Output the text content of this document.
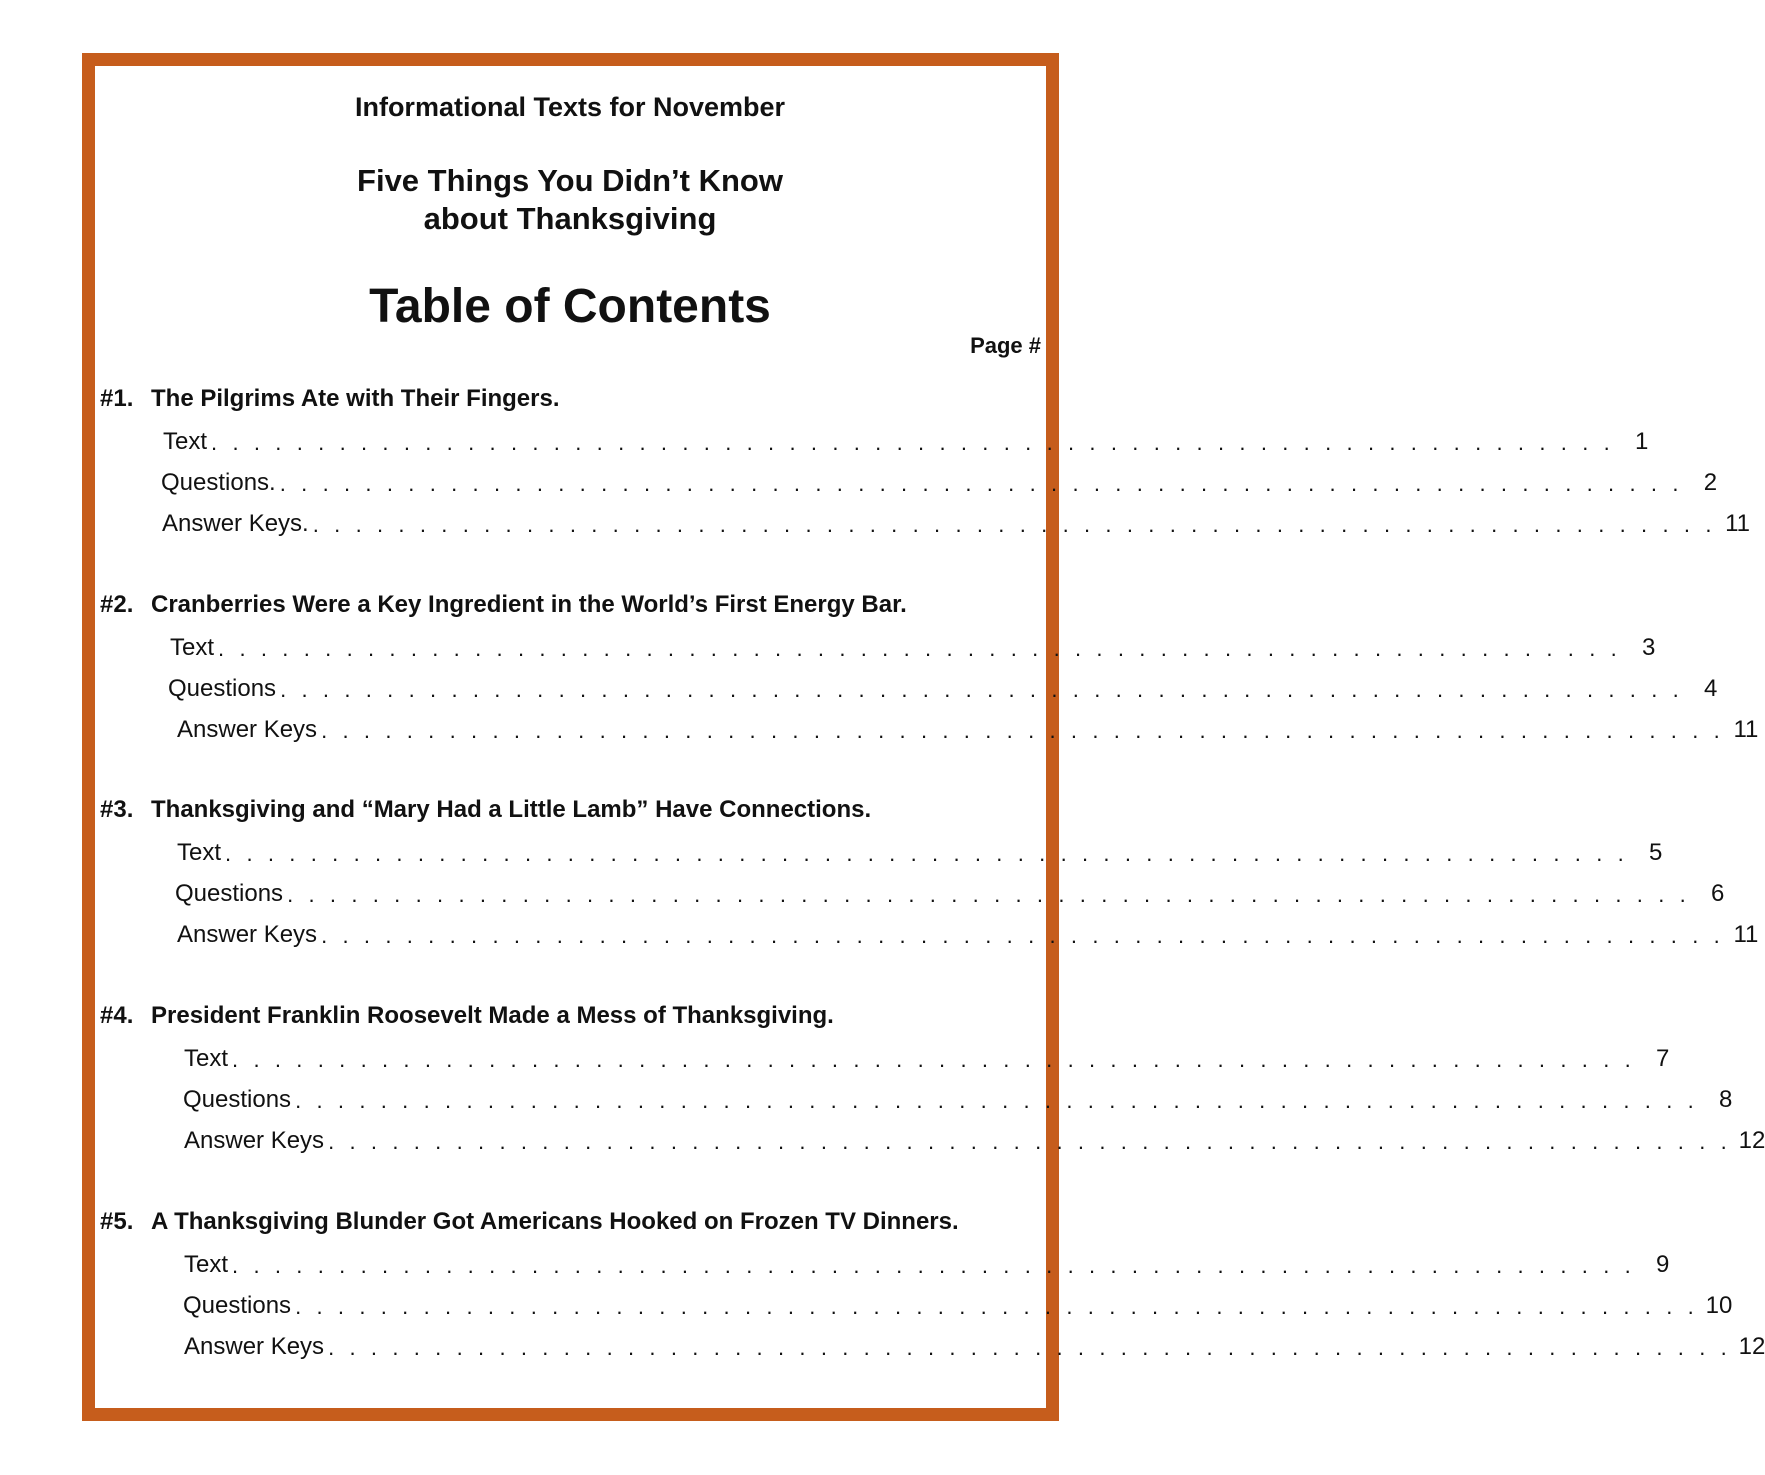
Informational Texts for November
Five Things You Didn’t Know
about Thanksgiving
Table of Contents
Page #
#1. The Pilgrims Ate with Their Fingers.
Text . . . . . . . . . . . . . . . . . . . . . . . . . . . . . . . . . . . . . . . . . . . . . . . . . . . . . . . . . . . . . . . . . . 1
Questions. . . . . . . . . . . . . . . . . . . . . . . . . . . . . . . . . . . . . . . . . . . . . . . . . . . . . . . . . . . . . . . . . . . 2
Answer Keys. . . . . . . . . . . . . . . . . . . . . . . . . . . . . . . . . . . . . . . . . . . . . . . . . . . . . . . . . . . . . . . . . . . 11
#2. Cranberries Were a Key Ingredient in the World’s First Energy Bar.
Text . . . . . . . . . . . . . . . . . . . . . . . . . . . . . . . . . . . . . . . . . . . . . . . . . . . . . . . . . . . . . . . . . . 3
Questions . . . . . . . . . . . . . . . . . . . . . . . . . . . . . . . . . . . . . . . . . . . . . . . . . . . . . . . . . . . . . . . . . . 4
Answer Keys . . . . . . . . . . . . . . . . . . . . . . . . . . . . . . . . . . . . . . . . . . . . . . . . . . . . . . . . . . . . . . . . . . 11
#3. Thanksgiving and “Mary Had a Little Lamb” Have Connections.
Text . . . . . . . . . . . . . . . . . . . . . . . . . . . . . . . . . . . . . . . . . . . . . . . . . . . . . . . . . . . . . . . . . . 5
Questions . . . . . . . . . . . . . . . . . . . . . . . . . . . . . . . . . . . . . . . . . . . . . . . . . . . . . . . . . . . . . . . . . . 6
Answer Keys . . . . . . . . . . . . . . . . . . . . . . . . . . . . . . . . . . . . . . . . . . . . . . . . . . . . . . . . . . . . . . . . . . 11
#4. President Franklin Roosevelt Made a Mess of Thanksgiving.
Text . . . . . . . . . . . . . . . . . . . . . . . . . . . . . . . . . . . . . . . . . . . . . . . . . . . . . . . . . . . . . . . . . . 7
Questions . . . . . . . . . . . . . . . . . . . . . . . . . . . . . . . . . . . . . . . . . . . . . . . . . . . . . . . . . . . . . . . . . . 8
Answer Keys . . . . . . . . . . . . . . . . . . . . . . . . . . . . . . . . . . . . . . . . . . . . . . . . . . . . . . . . . . . . . . . . . . 12
#5. A Thanksgiving Blunder Got Americans Hooked on Frozen TV Dinners.
Text . . . . . . . . . . . . . . . . . . . . . . . . . . . . . . . . . . . . . . . . . . . . . . . . . . . . . . . . . . . . . . . . . . 9
Questions . . . . . . . . . . . . . . . . . . . . . . . . . . . . . . . . . . . . . . . . . . . . . . . . . . . . . . . . . . . . . . . . . . 10
Answer Keys . . . . . . . . . . . . . . . . . . . . . . . . . . . . . . . . . . . . . . . . . . . . . . . . . . . . . . . . . . . . . . . . . . 12
